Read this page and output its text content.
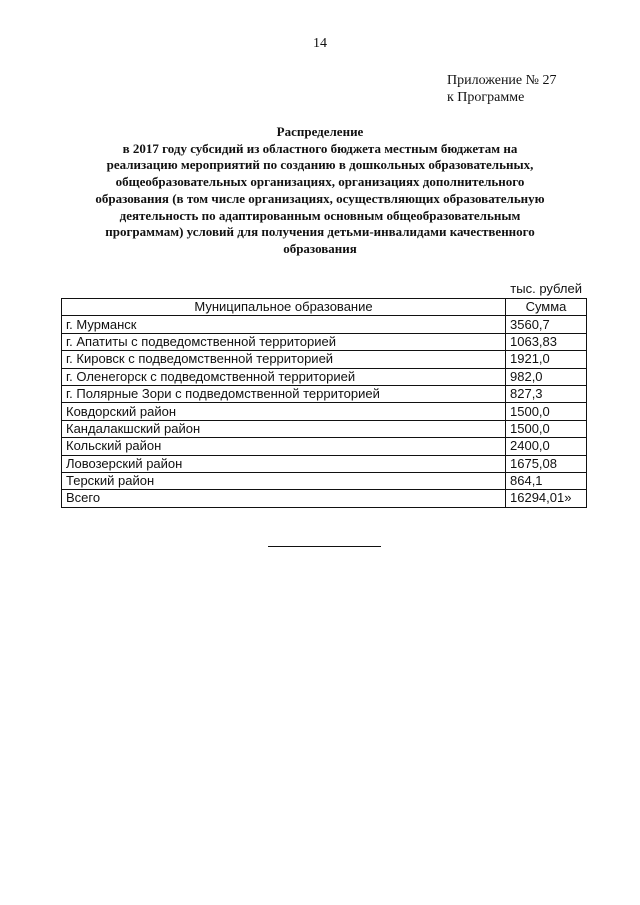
14
Приложение № 27
к Программе
Распределение
в 2017 году субсидий из областного бюджета местным бюджетам на реализацию мероприятий по созданию в дошкольных образовательных, общеобразовательных организациях, организациях дополнительного образования (в том числе организациях, осуществляющих образовательную деятельность по адаптированным основным общеобразовательным программам) условий для получения детьми-инвалидами качественного образования
тыс. рублей
Муниципальное образование	Сумма
г. Мурманск	3560,7
г. Апатиты с подведомственной территорией	1063,83
г. Кировск с подведомственной территорией	1921,0
г. Оленегорск с подведомственной территорией	982,0
г. Полярные Зори с подведомственной территорией	827,3
Ковдорский район	1500,0
Кандалакшский район	1500,0
Кольский район	2400,0
Ловозерский район	1675,08
Терский район	864,1
Всего	16294,01»
